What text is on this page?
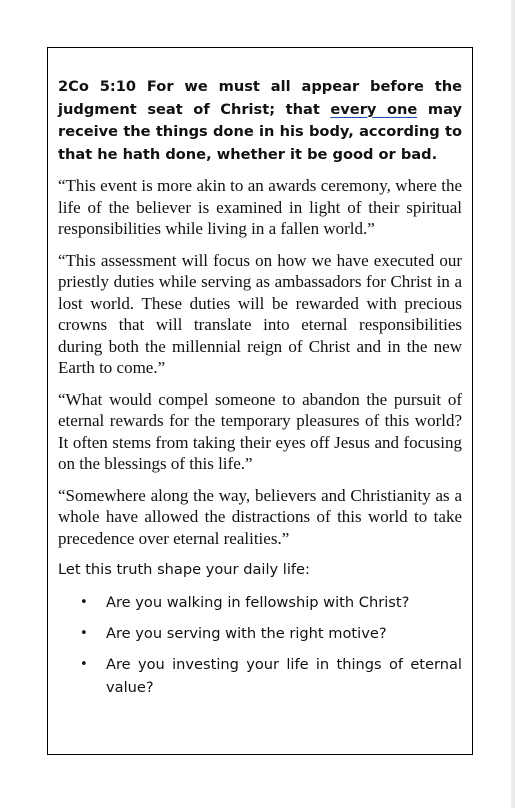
2Co 5:10 For we must all appear before the judgment seat of Christ; that every one may receive the things done in his body, according to that he hath done, whether it be good or bad.

“This event is more akin to an awards ceremony, where the life of the believer is examined in light of their spiritual responsibilities while living in a fallen world.”

“This assessment will focus on how we have executed our priestly duties while serving as ambassadors for Christ in a lost world. These duties will be rewarded with precious crowns that will translate into eternal responsibilities during both the millennial reign of Christ and in the new Earth to come.”

“What would compel someone to abandon the pursuit of eternal rewards for the temporary pleasures of this world? It often stems from taking their eyes off Jesus and focusing on the blessings of this life.”

“Somewhere along the way, believers and Christianity as a whole have allowed the distractions of this world to take precedence over eternal realities.”

Let this truth shape your daily life:

• Are you walking in fellowship with Christ?
• Are you serving with the right motive?
• Are you investing your life in things of eternal value?
